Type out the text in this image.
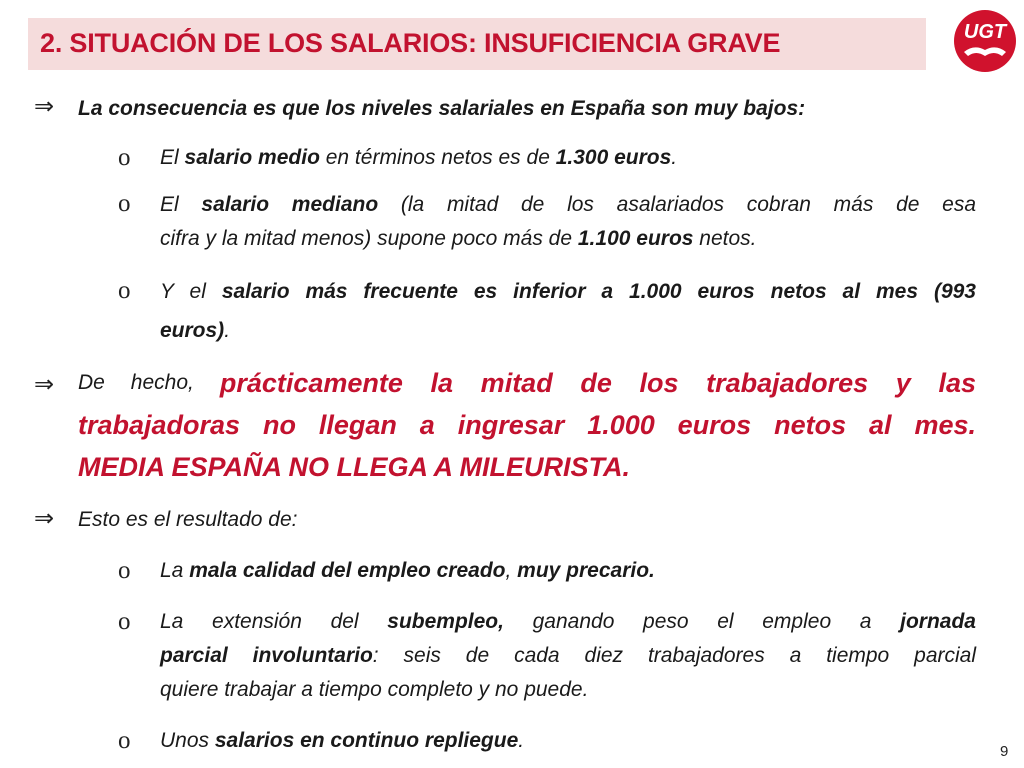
2. SITUACIÓN DE LOS SALARIOS: INSUFICIENCIA GRAVE	UGT
⇒	La consecuencia es que los niveles salariales en España son muy bajos:
o El salario medio en términos netos es de 1.300 euros.
o El salario mediano (la mitad de los asalariados cobran más de esa
cifra y la mitad menos) supone poco más de 1.100 euros netos.
o Y el salario más frecuente es inferior a 1.000 euros netos al mes (993
euros).
⇒	De hecho, prácticamente la mitad de los trabajadores y las
trabajadoras no llegan a ingresar 1.000 euros netos al mes.
MEDIA ESPAÑA NO LLEGA A MILEURISTA.
⇒	Esto es el resultado de:
o La mala calidad del empleo creado, muy precario.
o La extensión del subempleo, ganando peso el empleo a jornada
parcial involuntario: seis de cada diez trabajadores a tiempo parcial
quiere trabajar a tiempo completo y no puede.
o Unos salarios en continuo repliegue.	9
